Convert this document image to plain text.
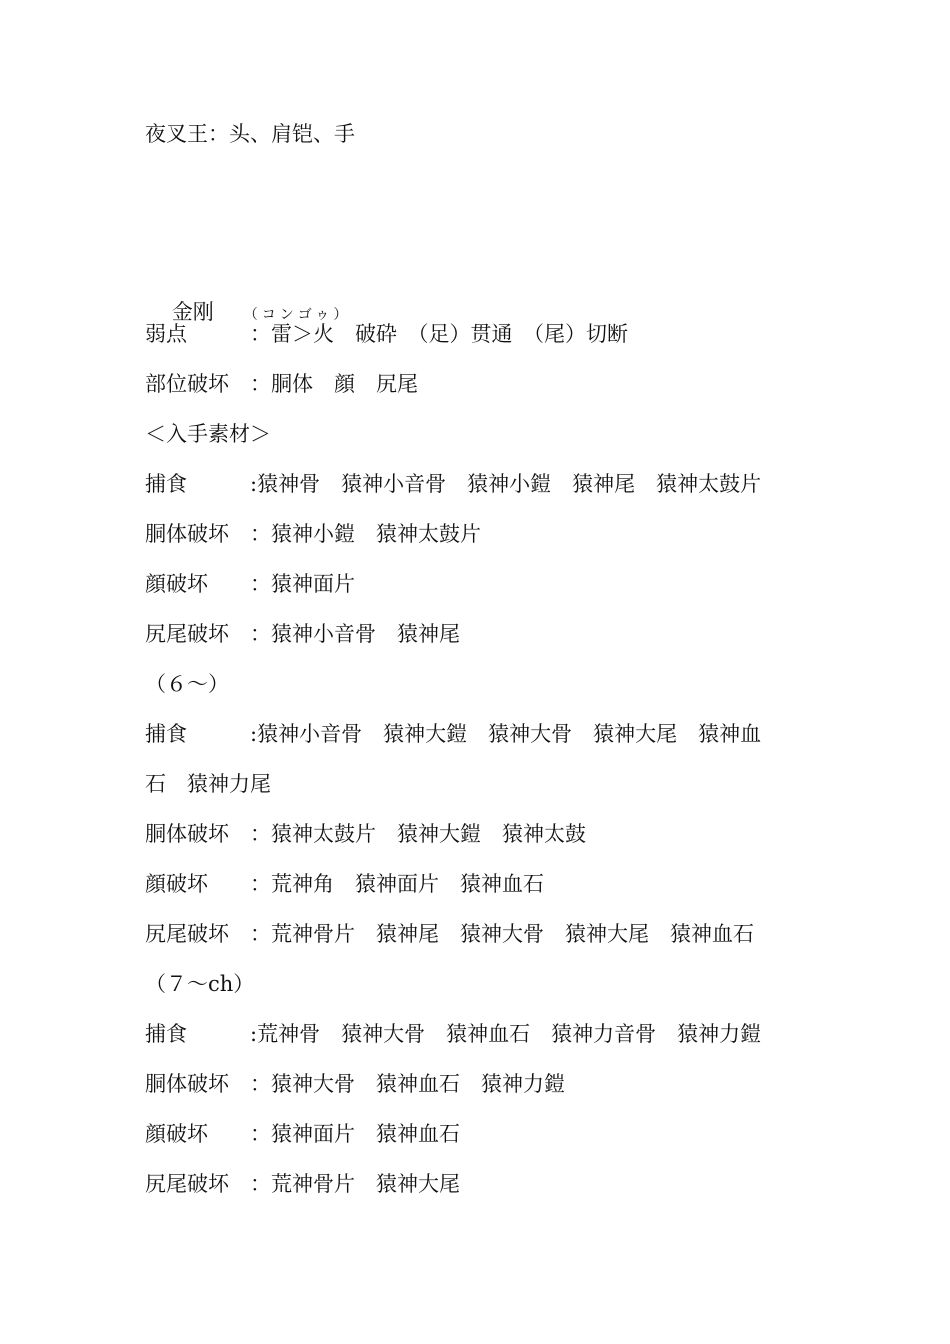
夜叉王：头、肩铠、手

金刚 （コンゴゥ）

弱点　　　：雷＞火　破砕　（足）贯通　（尾）切断
部位破坏　：胴体　顔　尻尾
＜入手素材＞
捕食　　　:猿神骨　猿神小音骨　猿神小鎧　猿神尾　猿神太鼓片
胴体破坏　：猿神小鎧　猿神太鼓片
顔破坏　　：猿神面片
尻尾破坏　：猿神小音骨　猿神尾
（６～）
捕食　　　:猿神小音骨　猿神大鎧　猿神大骨　猿神大尾　猿神血
石　猿神力尾
胴体破坏　：猿神太鼓片　猿神大鎧　猿神太鼓
顔破坏　　：荒神角　猿神面片　猿神血石
尻尾破坏　：荒神骨片　猿神尾　猿神大骨　猿神大尾　猿神血石
（７～ch）
捕食　　　:荒神骨　猿神大骨　猿神血石　猿神力音骨　猿神力鎧
胴体破坏　：猿神大骨　猿神血石　猿神力鎧
顔破坏　　：猿神面片　猿神血石
尻尾破坏　：荒神骨片　猿神大尾
